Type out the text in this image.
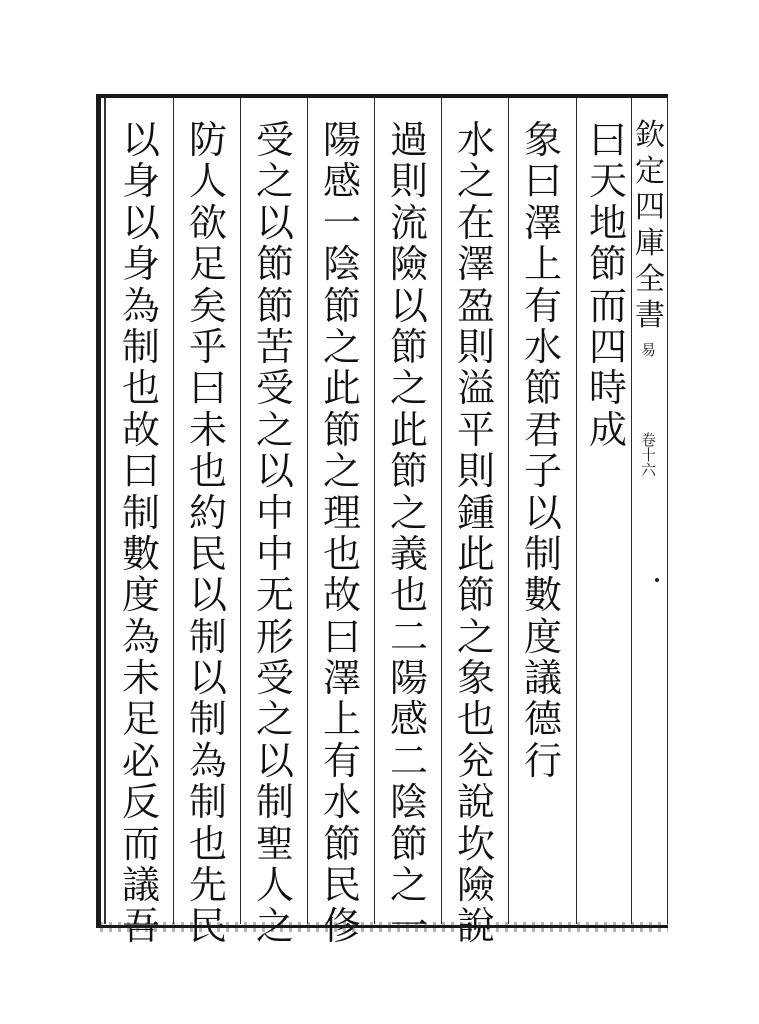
欽
定
四
庫
全
書
易
卷十六
曰
天
地
節
而
四
時
成
象
曰
澤
上
有
水
節
君
子
以
制
數
度
議
德
行
水
之
在
澤
盈
則
溢
平
則
鍾
此
節
之
象
也
兊
說
坎
險
說
過
則
流
險
以
節
之
此
節
之
義
也
二
陽
感
二
陰
節
之
一
陽
感
一
陰
節
之
此
節
之
理
也
故
曰
澤
上
有
水
節
民
俢
受
之
以
節
節
苦
受
之
以
中
中
无
形
受
之
以
制
聖
人
之
防
人
欲
足
矣
乎
曰
未
也
約
民
以
制
以
制
為
制
也
先
民
以
身
以
身
為
制
也
故
曰
制
數
度
為
未
足
必
反
而
議
吾
